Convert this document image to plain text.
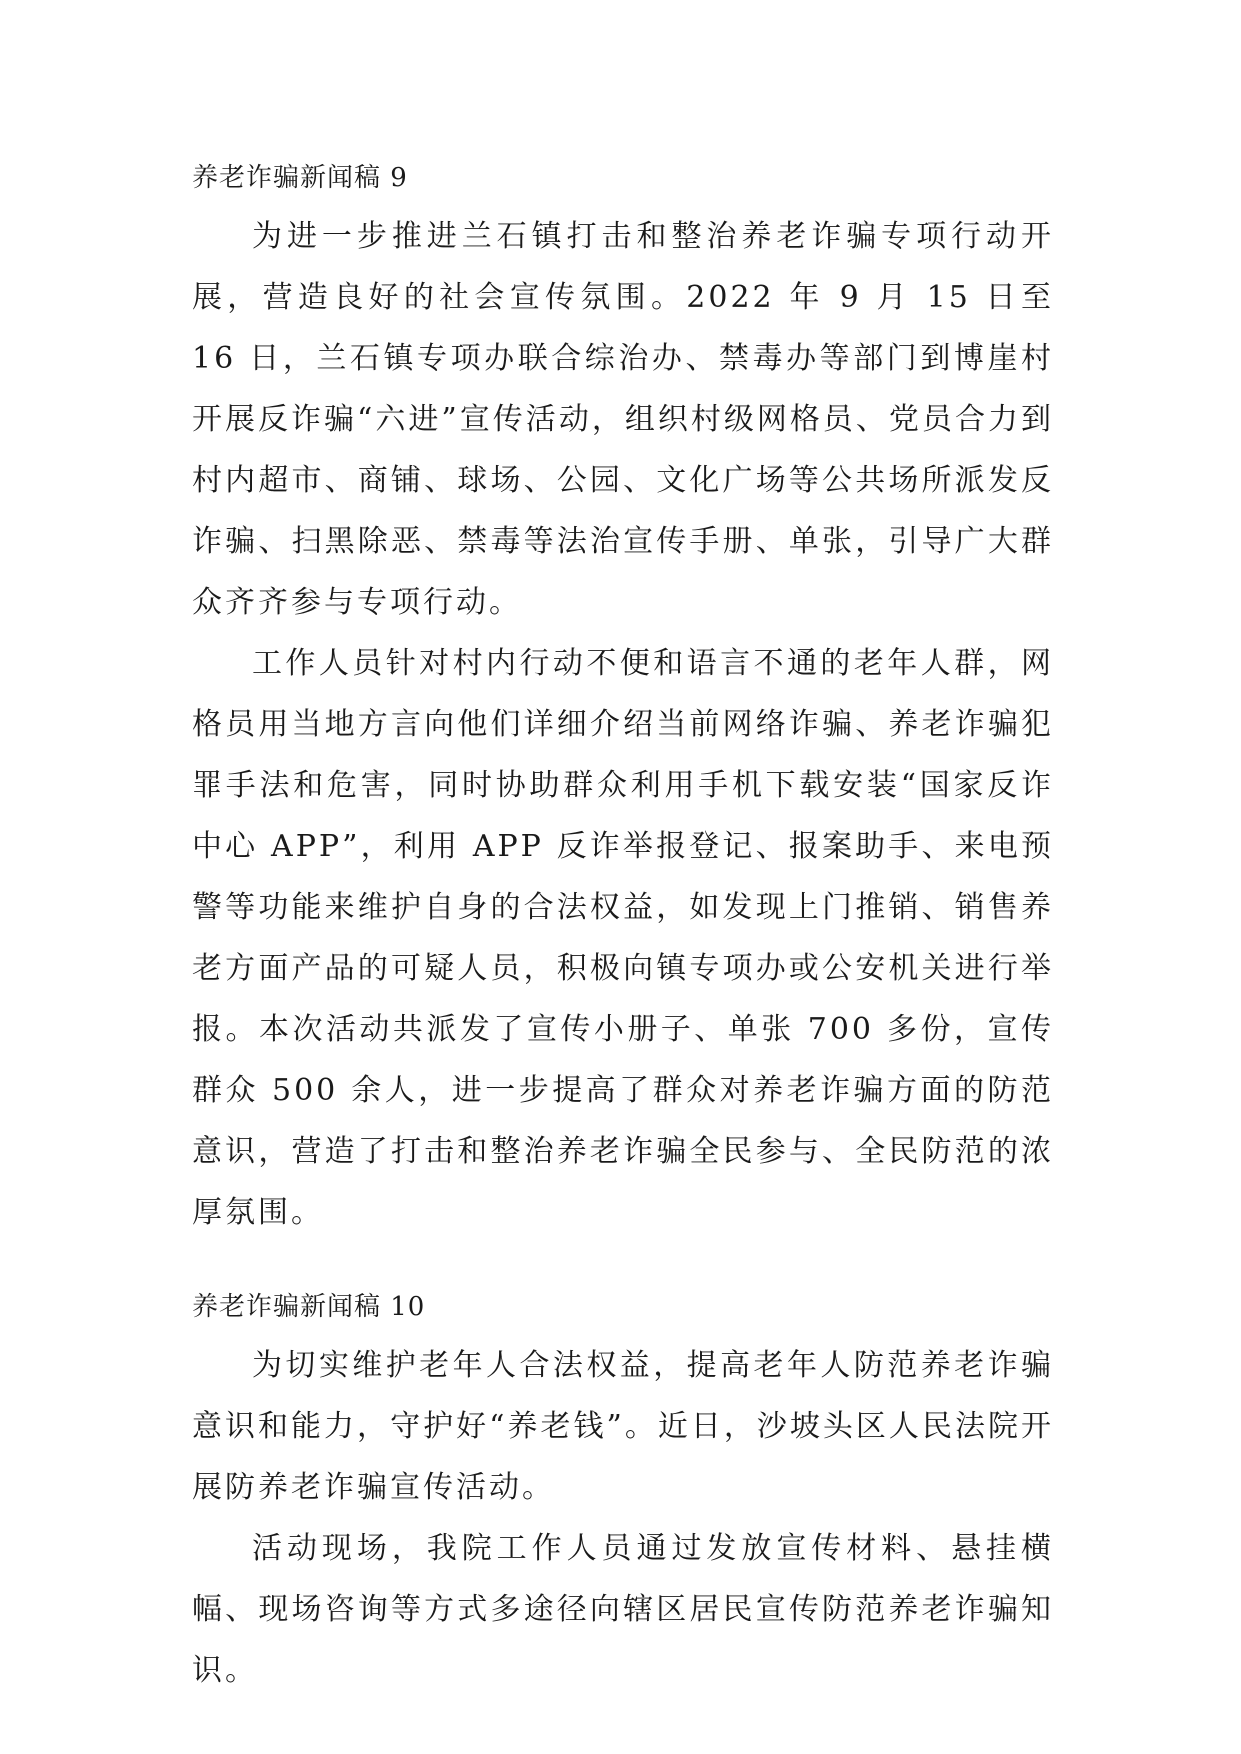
养老诈骗新闻稿 9

为进一步推进兰石镇打击和整治养老诈骗专项行动开展，营造良好的社会宣传氛围。2022 年 9 月 15 日至 16 日，兰石镇专项办联合综治办、禁毒办等部门到博崖村开展反诈骗“六进”宣传活动，组织村级网格员、党员合力到村内超市、商铺、球场、公园、文化广场等公共场所派发反诈骗、扫黑除恶、禁毒等法治宣传手册、单张，引导广大群众齐齐参与专项行动。

工作人员针对村内行动不便和语言不通的老年人群，网格员用当地方言向他们详细介绍当前网络诈骗、养老诈骗犯罪手法和危害，同时协助群众利用手机下载安装“国家反诈中心 APP”，利用 APP 反诈举报登记、报案助手、来电预警等功能来维护自身的合法权益，如发现上门推销、销售养老方面产品的可疑人员，积极向镇专项办或公安机关进行举报。本次活动共派发了宣传小册子、单张 700 多份，宣传群众 500 余人，进一步提高了群众对养老诈骗方面的防范意识，营造了打击和整治养老诈骗全民参与、全民防范的浓厚氛围。

养老诈骗新闻稿 10

为切实维护老年人合法权益，提高老年人防范养老诈骗意识和能力，守护好“养老钱”。近日，沙坡头区人民法院开展防养老诈骗宣传活动。

活动现场，我院工作人员通过发放宣传材料、悬挂横幅、现场咨询等方式多途径向辖区居民宣传防范养老诈骗知识。
